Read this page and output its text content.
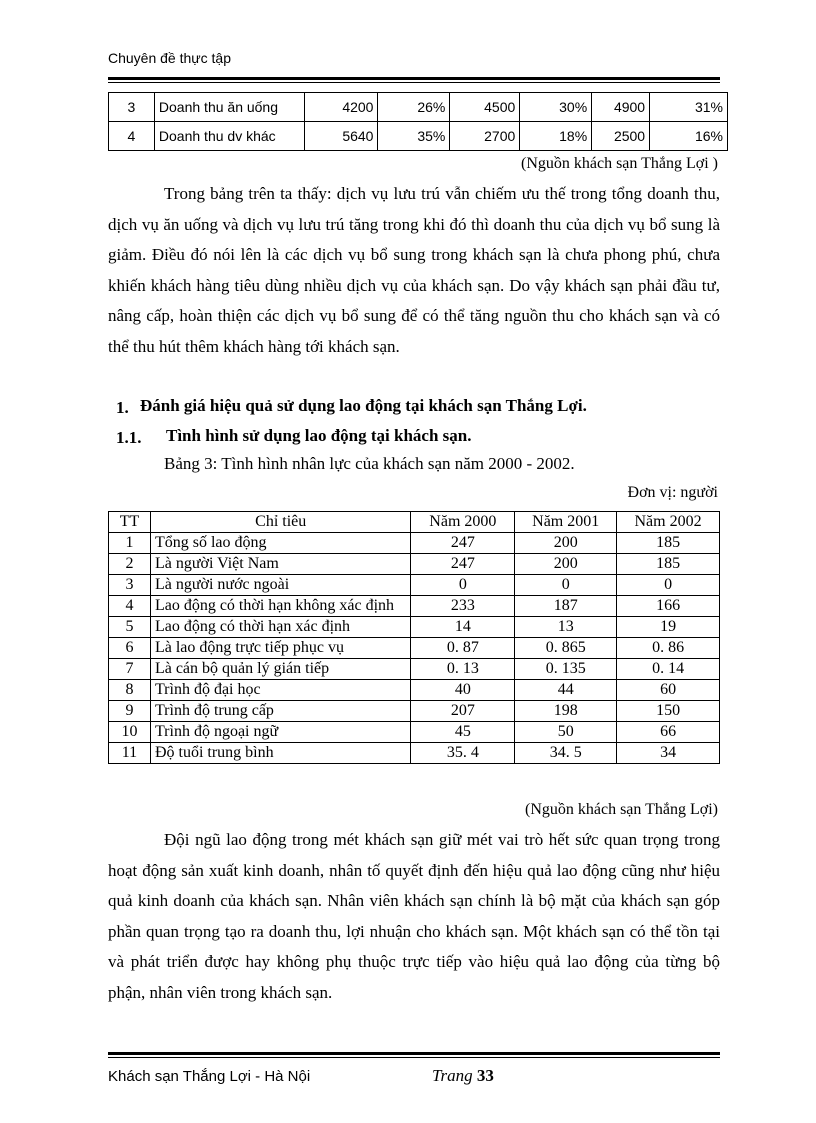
Chuyên đề thực tập
3	Doanh thu ăn uống	4200	26%	4500	30%	4900	31%
4	Doanh thu dv khác	5640	35%	2700	18%	2500	16%
(Nguồn khách sạn Thắng Lợi )

Trong bảng trên ta thấy: dịch vụ lưu trú vẫn chiếm ưu thế trong tổng doanh thu, dịch vụ ăn uống và dịch vụ lưu trú tăng trong khi đó thì doanh thu của dịch vụ bổ sung là giảm. Điều đó nói lên là các dịch vụ bổ sung trong khách sạn là chưa phong phú, chưa khiến khách hàng tiêu dùng nhiều dịch vụ của khách sạn. Do vậy khách sạn phải đầu tư, nâng cấp, hoàn thiện các dịch vụ bổ sung để có thể tăng nguồn thu cho khách sạn và có thể thu hút thêm khách hàng tới khách sạn.

1. Đánh giá hiệu quả sử dụng lao động tại khách sạn Thắng Lợi.
1.1. Tình hình sử dụng lao động tại khách sạn.
Bảng 3: Tình hình nhân lực của khách sạn năm 2000 - 2002.
Đơn vị: người
TT	Chỉ tiêu	Năm 2000	Năm 2001	Năm 2002
1	Tổng số lao động	247	200	185
2	Là người Việt Nam	247	200	185
3	Là người nước ngoài	0	0	0
4	Lao động có thời hạn không xác định	233	187	166
5	Lao động có thời hạn xác định	14	13	19
6	Là lao động trực tiếp phục vụ	0. 87	0. 865	0. 86
7	Là cán bộ quản lý gián tiếp	0. 13	0. 135	0. 14
8	Trình độ đại học	40	44	60
9	Trình độ trung cấp	207	198	150
10	Trình độ ngoại ngữ	45	50	66
11	Độ tuổi trung bình	35. 4	34. 5	34
(Nguồn khách sạn Thắng Lợi)

Đội ngũ lao động trong mét khách sạn giữ mét vai trò hết sức quan trọng trong hoạt động sản xuất kinh doanh, nhân tố quyết định đến hiệu quả lao động cũng như hiệu quả kinh doanh của khách sạn. Nhân viên khách sạn chính là bộ mặt của khách sạn góp phần quan trọng tạo ra doanh thu, lợi nhuận cho khách sạn. Một khách sạn có thể tồn tại và phát triển được hay không phụ thuộc trực tiếp vào hiệu quả lao động của từng bộ phận, nhân viên trong khách sạn.

Khách sạn Thắng Lợi - Hà Nội	Trang 33
